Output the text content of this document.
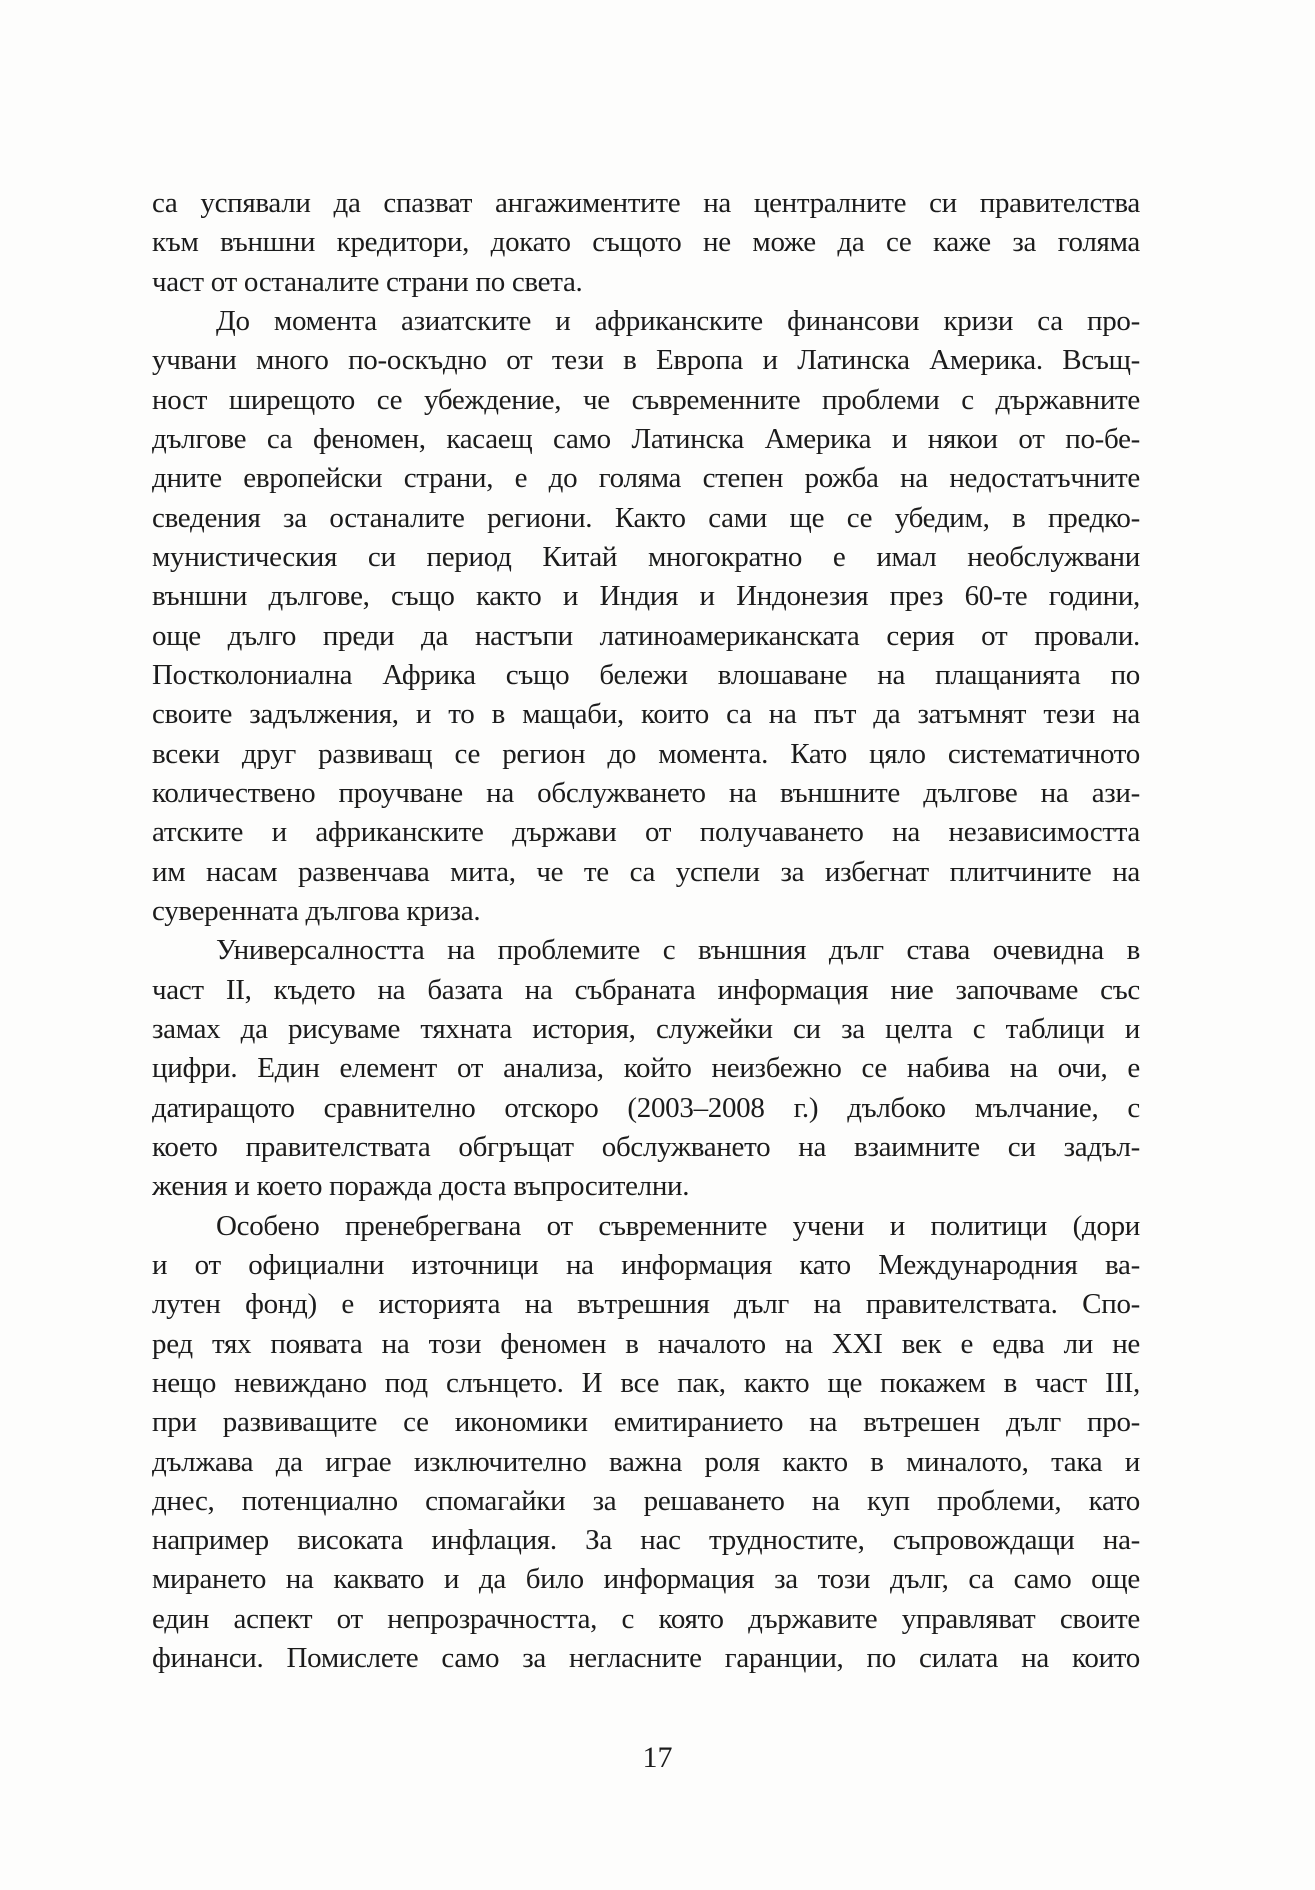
са успявали да спазват ангажиментите на централните си правителства
към външни кредитори, докато същото не може да се каже за голяма
част от останалите страни по света.
До момента азиатските и африканските финансови кризи са про-
учвани много по-оскъдно от тези в Европа и Латинска Америка. Всъщ-
ност ширещото се убеждение, че съвременните проблеми с държавните
дългове са феномен, касаещ само Латинска Америка и някои от по-бе-
дните европейски страни, е до голяма степен рожба на недостатъчните
сведения за останалите региони. Както сами ще се убедим, в предко-
мунистическия си период Китай многократно е имал необслужвани
външни дългове, също както и Индия и Индонезия през 60-те години,
още дълго преди да настъпи латиноамериканската серия от провали.
Постколониална Африка също бележи влошаване на плащанията по
своите задължения, и то в мащаби, които са на път да затъмнят тези на
всеки друг развиващ се регион до момента. Като цяло систематичното
количествено проучване на обслужването на външните дългове на ази-
атските и африканските държави от получаването на независимостта
им насам развенчава мита, че те са успели за избегнат плитчините на
суверенната дългова криза.
Универсалността на проблемите с външния дълг става очевидна в
част II, където на базата на събраната информация ние започваме със
замах да рисуваме тяхната история, служейки си за целта с таблици и
цифри. Един елемент от анализа, който неизбежно се набива на очи, е
датиращото сравнително отскоро (2003–2008 г.) дълбоко мълчание, с
което правителствата обгръщат обслужването на взаимните си задъл-
жения и което поражда доста въпросителни.
Особено пренебрегвана от съвременните учени и политици (дори
и от официални източници на информация като Международния ва-
лутен фонд) е историята на вътрешния дълг на правителствата. Спо-
ред тях появата на този феномен в началото на XXI век е едва ли не
нещо невиждано под слънцето. И все пак, както ще покажем в част III,
при развиващите се икономики емитиранието на вътрешен дълг про-
дължава да играе изключително важна роля както в миналото, така и
днес, потенциално спомагайки за решаването на куп проблеми, като
например високата инфлация. За нас трудностите, съпровождащи на-
мирането на каквато и да било информация за този дълг, са само още
един аспект от непрозрачността, с която държавите управляват своите
финанси. Помислете само за негласните гаранции, по силата на които
17
